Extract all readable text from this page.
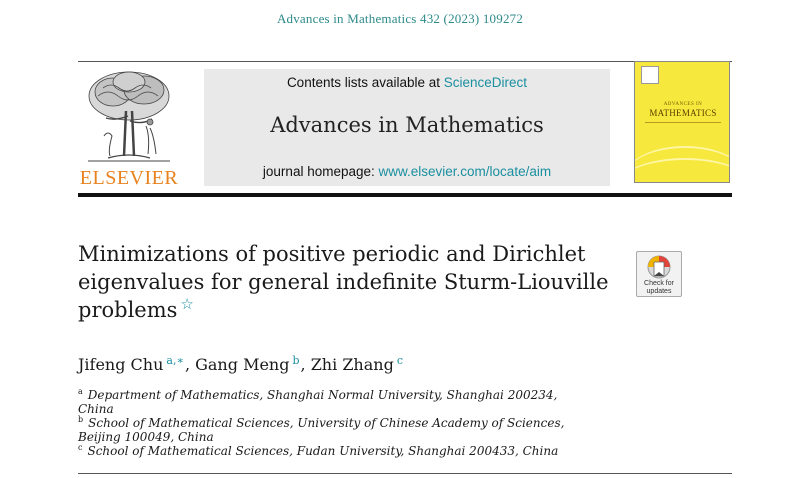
Advances in Mathematics 432 (2023) 109272
ELSEVIER
Contents lists available at ScienceDirect
Advances in Mathematics
journal homepage: www.elsevier.com/locate/aim
ADVANCES IN
MATHEMATICS
Minimizations of positive periodic and Dirichlet
eigenvalues for general indefinite Sturm-Liouville
problems ☆
Check for
updates
Jifeng Chu $^{a,∗}$, Gang Meng $^b$, Zhi Zhang $^c$
$^a$ Department of Mathematics, Shanghai Normal University, Shanghai 200234,
China
$^b$ School of Mathematical Sciences, University of Chinese Academy of Sciences,
Beijing 100049, China
$^c$ School of Mathematical Sciences, Fudan University, Shanghai 200433, China
